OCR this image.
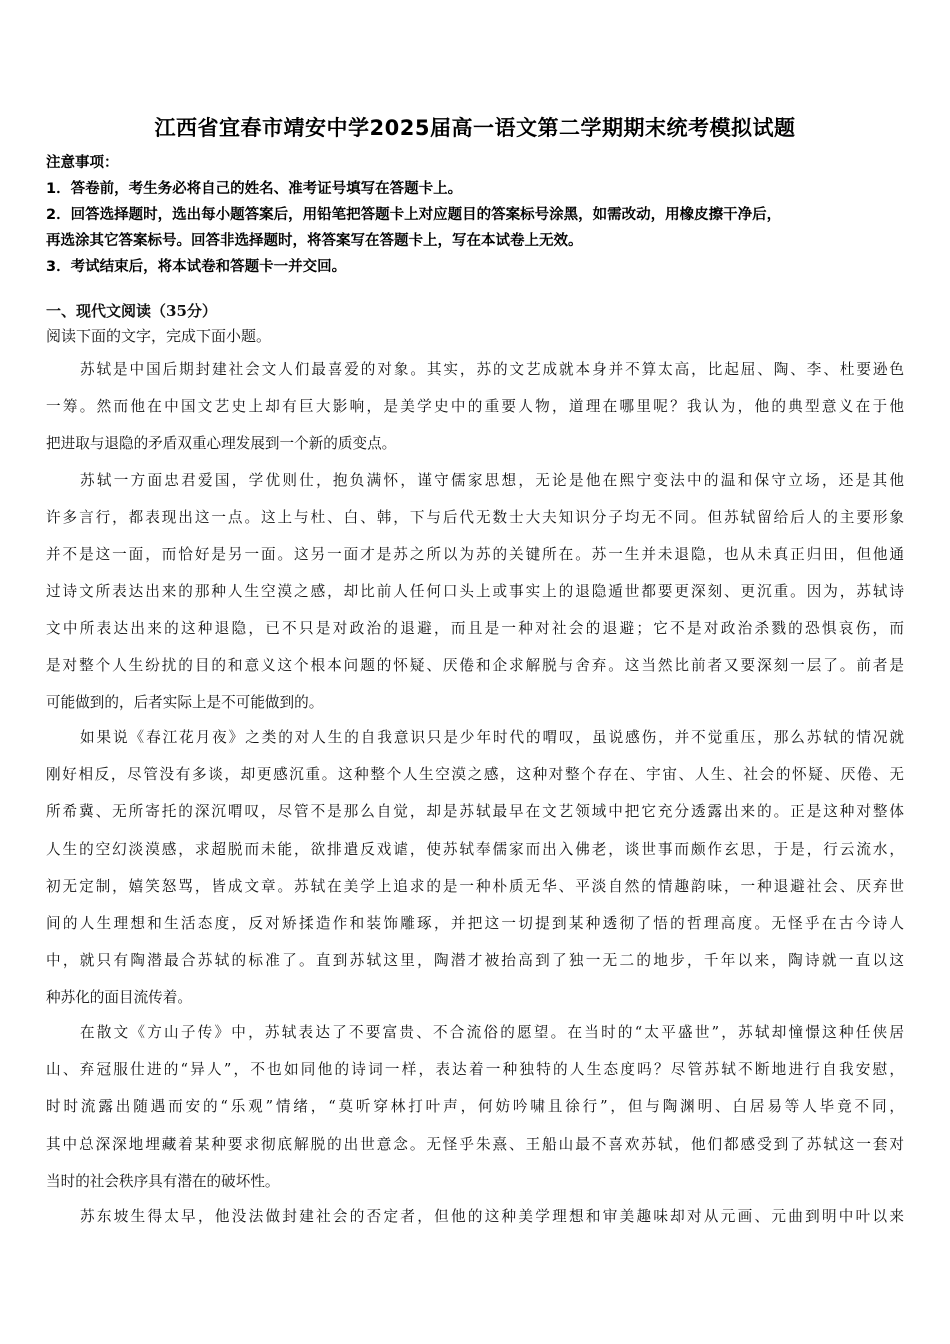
江西省宜春市靖安中学2025届高一语文第二学期期末统考模拟试题
注意事项：
1．答卷前，考生务必将自己的姓名、准考证号填写在答题卡上。
2．回答选择题时，选出每小题答案后，用铅笔把答题卡上对应题目的答案标号涂黑，如需改动，用橡皮擦干净后，
再选涂其它答案标号。回答非选择题时，将答案写在答题卡上，写在本试卷上无效。
3．考试结束后，将本试卷和答题卡一并交回。
一、现代文阅读（35分）
阅读下面的文字，完成下面小题。
苏轼是中国后期封建社会文人们最喜爱的对象。其实，苏的文艺成就本身并不算太高，比起屈、陶、李、杜要逊色
一筹。然而他在中国文艺史上却有巨大影响，是美学史中的重要人物，道理在哪里呢？我认为，他的典型意义在于他
把进取与退隐的矛盾双重心理发展到一个新的质变点。
苏轼一方面忠君爱国，学优则仕，抱负满怀，谨守儒家思想，无论是他在熙宁变法中的温和保守立场，还是其他
许多言行，都表现出这一点。这上与杜、白、韩，下与后代无数士大夫知识分子均无不同。但苏轼留给后人的主要形象
并不是这一面，而恰好是另一面。这另一面才是苏之所以为苏的关键所在。苏一生并未退隐，也从未真正归田，但他通
过诗文所表达出来的那种人生空漠之感，却比前人任何口头上或事实上的退隐遁世都要更深刻、更沉重。因为，苏轼诗
文中所表达出来的这种退隐，已不只是对政治的退避，而且是一种对社会的退避；它不是对政治杀戮的恐惧哀伤，而
是对整个人生纷扰的目的和意义这个根本问题的怀疑、厌倦和企求解脱与舍弃。这当然比前者又要深刻一层了。前者是
可能做到的，后者实际上是不可能做到的。
如果说《春江花月夜》之类的对人生的自我意识只是少年时代的喟叹，虽说感伤，并不觉重压，那么苏轼的情况就
刚好相反，尽管没有多谈，却更感沉重。这种整个人生空漠之感，这种对整个存在、宇宙、人生、社会的怀疑、厌倦、无
所希冀、无所寄托的深沉喟叹，尽管不是那么自觉，却是苏轼最早在文艺领域中把它充分透露出来的。正是这种对整体
人生的空幻淡漠感，求超脱而未能，欲排遣反戏谑，使苏轼奉儒家而出入佛老，谈世事而颇作玄思，于是，行云流水，
初无定制，嬉笑怒骂，皆成文章。苏轼在美学上追求的是一种朴质无华、平淡自然的情趣韵味，一种退避社会、厌弃世
间的人生理想和生活态度，反对矫揉造作和装饰雕琢，并把这一切提到某种透彻了悟的哲理高度。无怪乎在古今诗人
中，就只有陶潜最合苏轼的标准了。直到苏轼这里，陶潜才被抬高到了独一无二的地步，千年以来，陶诗就一直以这
种苏化的面目流传着。
在散文《方山子传》中，苏轼表达了不要富贵、不合流俗的愿望。在当时的“太平盛世”，苏轼却憧憬这种任侠居
山、弃冠服仕进的“异人”，不也如同他的诗词一样，表达着一种独特的人生态度吗？尽管苏轼不断地进行自我安慰，
时时流露出随遇而安的“乐观”情绪，“莫听穿林打叶声，何妨吟啸且徐行”，但与陶渊明、白居易等人毕竟不同，
其中总深深地埋藏着某种要求彻底解脱的出世意念。无怪乎朱熹、王船山最不喜欢苏轼，他们都感受到了苏轼这一套对
当时的社会秩序具有潜在的破坏性。
苏东坡生得太早，他没法做封建社会的否定者，但他的这种美学理想和审美趣味却对从元画、元曲到明中叶以来
